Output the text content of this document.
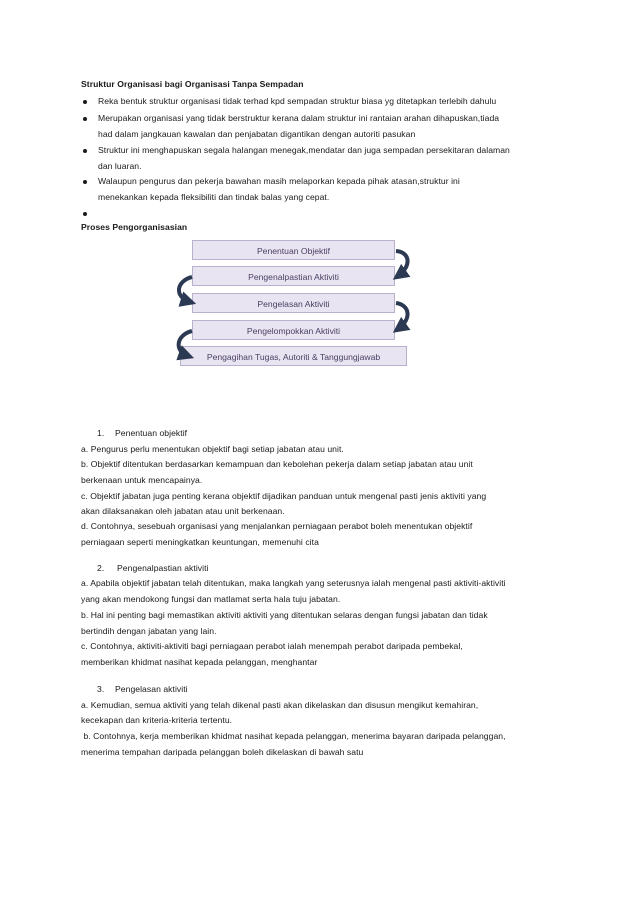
Struktur Organisasi bagi Organisasi Tanpa Sempadan
Reka bentuk struktur organisasi tidak terhad kpd sempadan struktur biasa yg ditetapkan terlebih dahulu
Merupakan organisasi yang tidak berstruktur kerana dalam struktur ini rantaian arahan dihapuskan,tiada
had dalam jangkauan kawalan dan penjabatan digantikan dengan autoriti pasukan
Struktur ini menghapuskan segala halangan menegak,mendatar dan juga sempadan persekitaran dalaman
dan luaran.
Walaupun pengurus dan pekerja bawahan masih melaporkan kepada pihak atasan,struktur ini
menekankan kepada fleksibiliti dan tindak balas yang cepat.
Proses Pengorganisasian
Penentuan Objektif
Pengenalpastian Aktiviti
Pengelasan Aktiviti
Pengelompokkan Aktiviti
Pengagihan Tugas, Autoriti & Tanggungjawab
1. Penentuan objektif
a. Pengurus perlu menentukan objektif bagi setiap jabatan atau unit.
b. Objektif ditentukan berdasarkan kemampuan dan kebolehan pekerja dalam setiap jabatan atau unit
berkenaan untuk mencapainya.
c. Objektif jabatan juga penting kerana objektif dijadikan panduan untuk mengenal pasti jenis aktiviti yang
akan dilaksanakan oleh jabatan atau unit berkenaan.
d. Contohnya, sesebuah organisasi yang menjalankan perniagaan perabot boleh menentukan objektif
perniagaan seperti meningkatkan keuntungan, memenuhi cita
2. Pengenalpastian aktiviti
a. Apabila objektif jabatan telah ditentukan, maka langkah yang seterusnya ialah mengenal pasti aktiviti-aktiviti
yang akan mendokong fungsi dan matlamat serta hala tuju jabatan.
b. Hal ini penting bagi memastikan aktiviti aktiviti yang ditentukan selaras dengan fungsi jabatan dan tidak
bertindih dengan jabatan yang lain.
c. Contohnya, aktiviti-aktiviti bagi perniagaan perabot ialah menempah perabot daripada pembekal,
memberikan khidmat nasihat kepada pelanggan, menghantar
3. Pengelasan aktiviti
a. Kemudian, semua aktiviti yang telah dikenal pasti akan dikelaskan dan disusun mengikut kemahiran,
kecekapan dan kriteria-kriteria tertentu.
b. Contohnya, kerja memberikan khidmat nasihat kepada pelanggan, menerima bayaran daripada pelanggan,
menerima tempahan daripada pelanggan boleh dikelaskan di bawah satu
